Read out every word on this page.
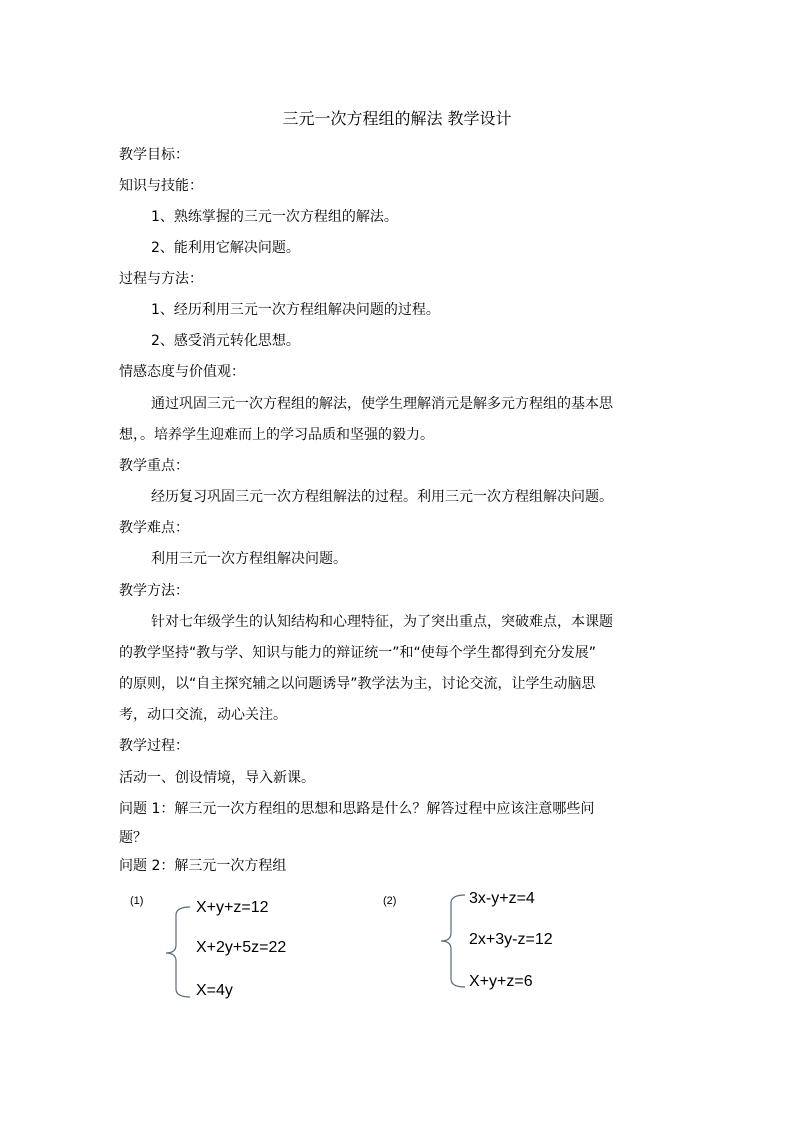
三元一次方程组的解法 教学设计
教学目标：
知识与技能：
1、熟练掌握的三元一次方程组的解法。
2、能利用它解决问题。
过程与方法：
1、经历利用三元一次方程组解决问题的过程。
2、感受消元转化思想。
情感态度与价值观：
通过巩固三元一次方程组的解法，使学生理解消元是解多元方程组的基本思
想，。培养学生迎难而上的学习品质和坚强的毅力。
教学重点：
经历复习巩固三元一次方程组解法的过程。利用三元一次方程组解决问题。
教学难点：
利用三元一次方程组解决问题。
教学方法：
针对七年级学生的认知结构和心理特征，为了突出重点，突破难点，本课题
的教学坚持“教与学、知识与能力的辩证统一”和“使每个学生都得到充分发展”
的原则，以“自主探究辅之以问题诱导”教学法为主，讨论交流，让学生动脑思
考，动口交流，动心关注。
教学过程：
活动一、创设情境，导入新课。
问题 1：解三元一次方程组的思想和思路是什么？解答过程中应该注意哪些问
题？
问题 2：解三元一次方程组
(1)	X+y+z=12
X+2y+5z=22
X=4y
(2)	3x-y+z=4
2x+3y-z=12
X+y+z=6
